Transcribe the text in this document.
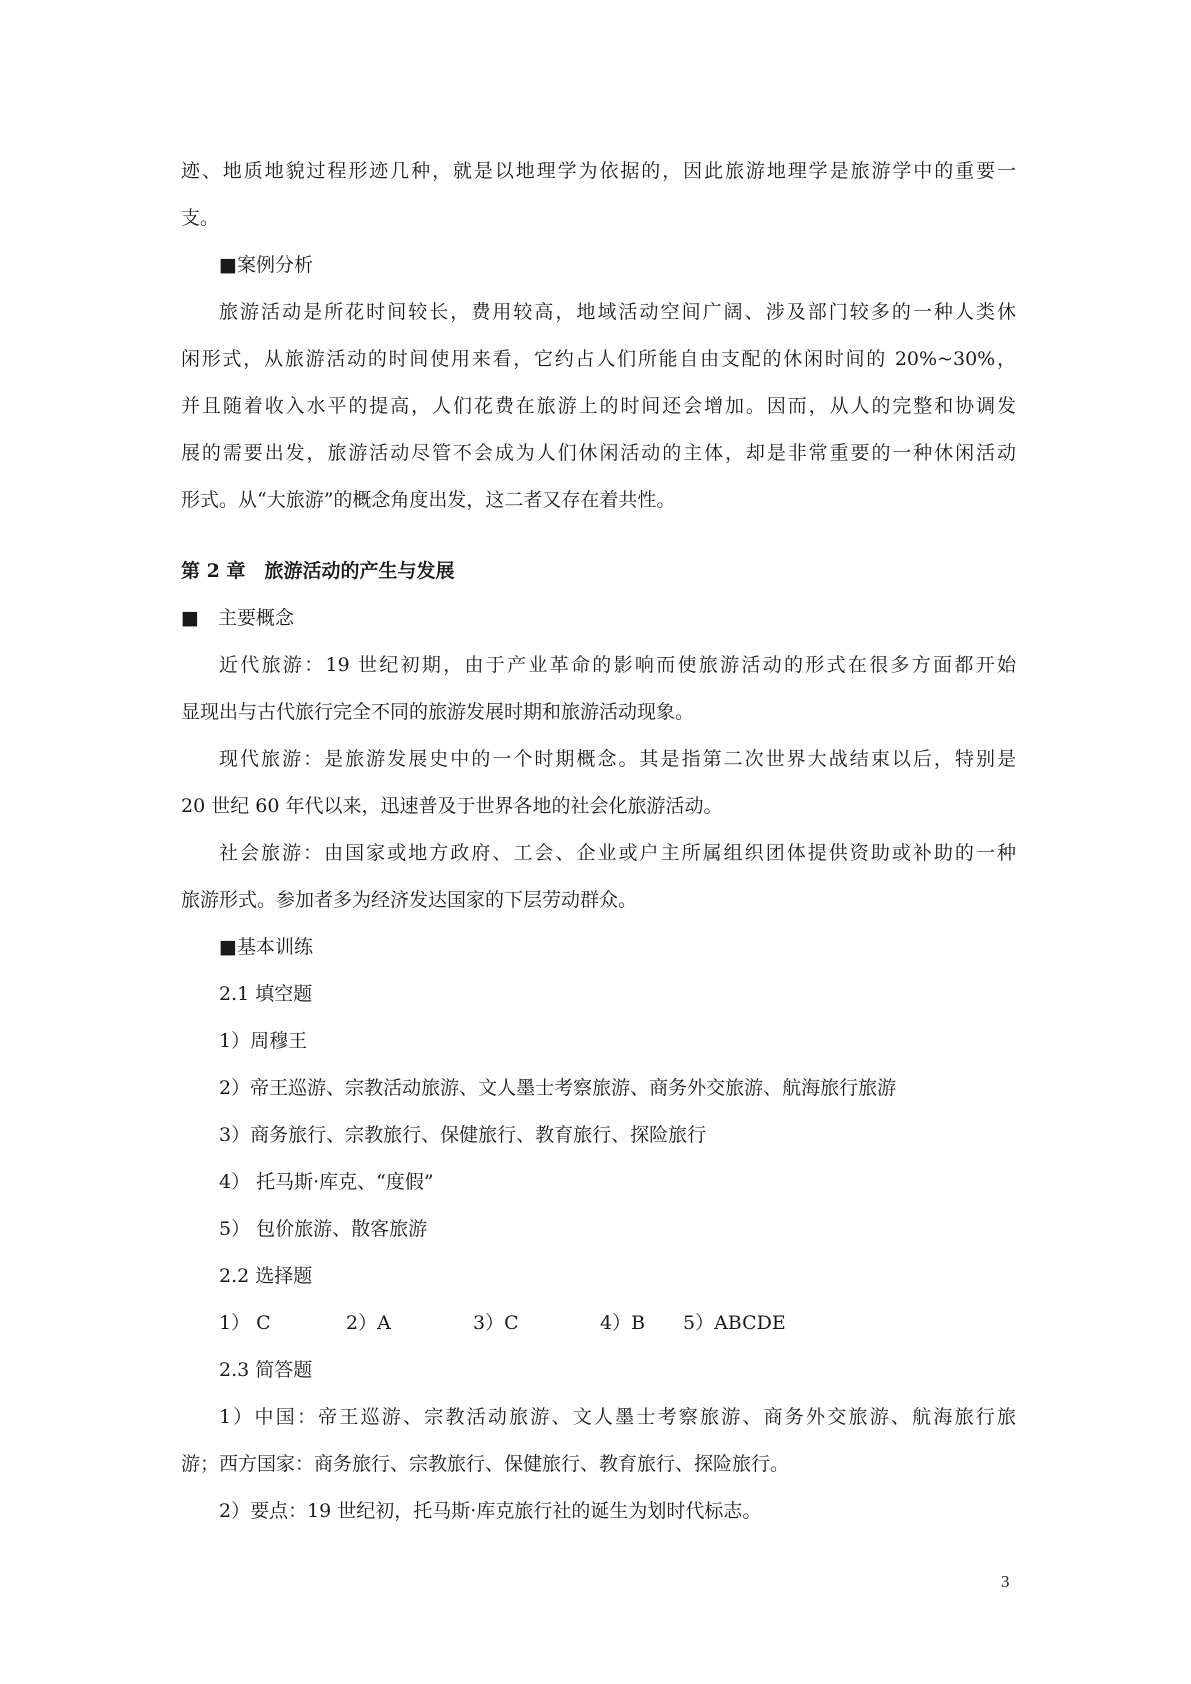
迹、地质地貌过程形迹几种，就是以地理学为依据的，因此旅游地理学是旅游学中的重要一

支。

■案例分析

旅游活动是所花时间较长，费用较高，地域活动空间广阔、涉及部门较多的一种人类休

闲形式，从旅游活动的时间使用来看，它约占人们所能自由支配的休闲时间的 20%~30%，

并且随着收入水平的提高，人们花费在旅游上的时间还会增加。因而，从人的完整和协调发

展的需要出发，旅游活动尽管不会成为人们休闲活动的主体，却是非常重要的一种休闲活动

形式。从“大旅游”的概念角度出发，这二者又存在着共性。

第 2 章　旅游活动的产生与发展

■　主要概念

近代旅游：19 世纪初期，由于产业革命的影响而使旅游活动的形式在很多方面都开始

显现出与古代旅行完全不同的旅游发展时期和旅游活动现象。

现代旅游：是旅游发展史中的一个时期概念。其是指第二次世界大战结束以后，特别是

20 世纪 60 年代以来，迅速普及于世界各地的社会化旅游活动。

社会旅游：由国家或地方政府、工会、企业或户主所属组织团体提供资助或补助的一种

旅游形式。参加者多为经济发达国家的下层劳动群众。

■基本训练

2.1 填空题

1）周穆王

2）帝王巡游、宗教活动旅游、文人墨士考察旅游、商务外交旅游、航海旅行旅游

3）商务旅行、宗教旅行、保健旅行、教育旅行、探险旅行

4） 托马斯·库克、“度假”

5） 包价旅游、散客旅游

2.2 选择题

1） C	2）A	3）C	4）B	5）ABCDE

2.3 简答题

1）中国：帝王巡游、宗教活动旅游、文人墨士考察旅游、商务外交旅游、航海旅行旅

游；西方国家：商务旅行、宗教旅行、保健旅行、教育旅行、探险旅行。

2）要点：19 世纪初，托马斯·库克旅行社的诞生为划时代标志。

3
